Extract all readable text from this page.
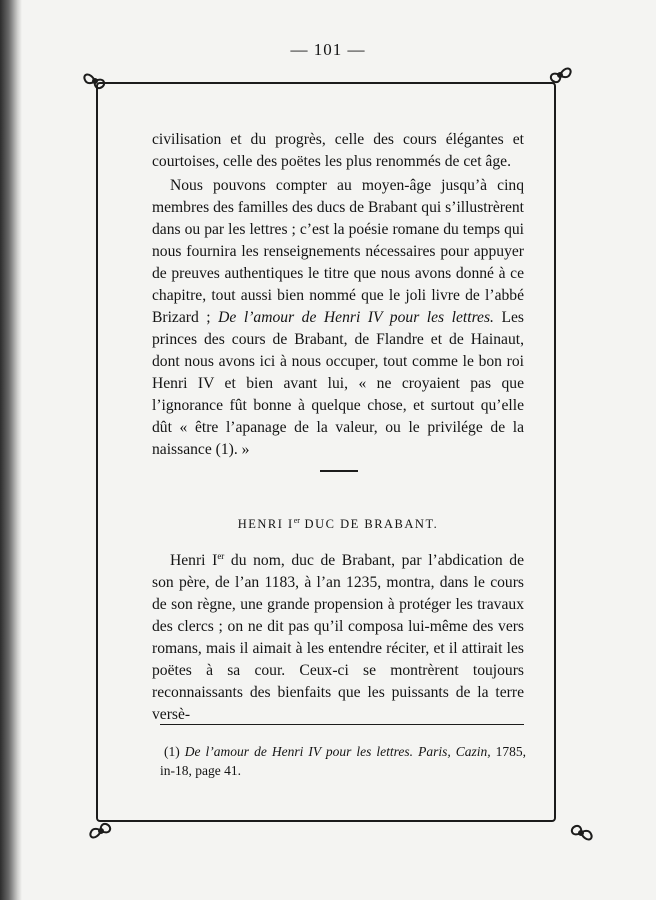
— 101 —

civilisation et du progrès, celle des cours élégantes et courtoises, celle des poëtes les plus renommés de cet âge.

Nous pouvons compter au moyen-âge jusqu’à cinq membres des familles des ducs de Brabant qui s’illustrèrent dans ou par les lettres ; c’est la poésie romane du temps qui nous fournira les renseignements nécessaires pour appuyer de preuves authentiques le titre que nous avons donné à ce chapitre, tout aussi bien nommé que le joli livre de l’abbé Brizard ; De l’amour de Henri IV pour les lettres. Les princes des cours de Brabant, de Flandre et de Hainaut, dont nous avons ici à nous occuper, tout comme le bon roi Henri IV et bien avant lui, « ne croyaient pas que l’ignorance fût bonne à quelque chose, et surtout qu’elle dût « être l’apanage de la valeur, ou le privilége de la naissance (1). »

HENRI Ier DUC DE BRABANT.

Henri Ier du nom, duc de Brabant, par l’abdication de son père, de l’an 1183, à l’an 1235, montra, dans le cours de son règne, une grande propension à protéger les travaux des clercs ; on ne dit pas qu’il composa lui-même des vers romans, mais il aimait à les entendre réciter, et il attirait les poëtes à sa cour. Ceux-ci se montrèrent toujours reconnaissants des bienfaits que les puissants de la terre versè-

(1) De l’amour de Henri IV pour les lettres. Paris, Cazin, 1785, in-18, page 41.
